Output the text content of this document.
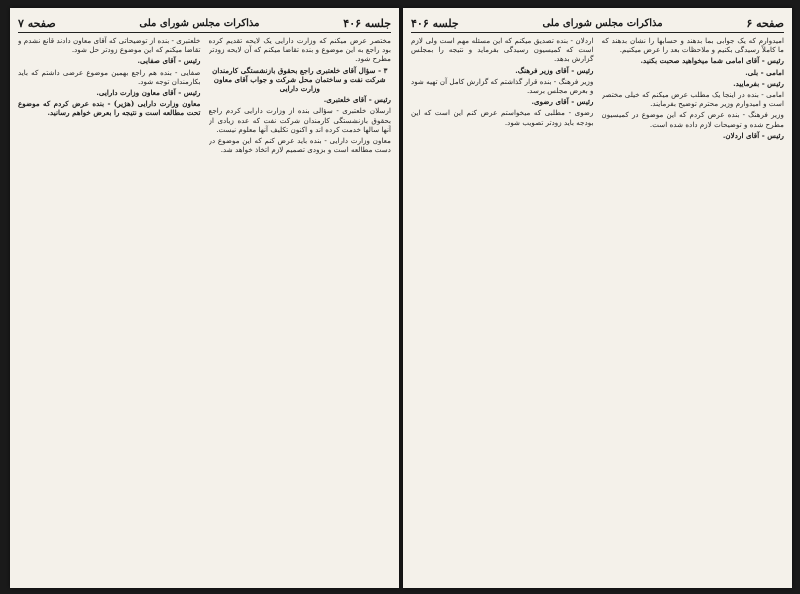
جلسه ۴۰۶
مذاکرات مجلس شورای ملی
صفحه ۷

مختصر عرض میکنم که وزارت دارایی یک لایحه تقدیم کرده بود راجع به این موضوع و بنده تقاضا میکنم که آن لایحه زودتر مطرح شود.

۳ - سؤال آقای خلعتبری راجع بحقوق بازنشستگی کارمندان شرکت نفت و ساختمان محل شرکت و جواب آقای معاون وزارت دارایی

رئیس - آقای خلعتبری.

ارسلان خلعتبری - سؤالی بنده از وزارت دارایی کردم راجع بحقوق بازنشستگی کارمندان شرکت نفت که عده زیادی از آنها سالها خدمت کرده اند و اکنون تکلیف آنها معلوم نیست.

معاون وزارت دارایی - بنده باید عرض کنم که این موضوع در دست مطالعه است و بزودی تصمیم لازم اتخاذ خواهد شد.

خلعتبری - بنده از توضیحاتی که آقای معاون دادند قانع نشدم و تقاضا میکنم که این موضوع زودتر حل شود.

رئیس - آقای صفایی.

صفایی - بنده هم راجع بهمین موضوع عرضی داشتم که باید بکارمندان توجه شود.

رئیس - آقای معاون وزارت دارایی.

معاون وزارت دارایی (هژیر) - بنده عرض کردم که موضوع تحت مطالعه است و نتیجه را بعرض خواهم رسانید.

صفحه ۶
مذاکرات مجلس شورای ملی
جلسه ۴۰۶

امیدوارم که یک جوابی بما بدهند و حسابها را نشان بدهند که ما کاملاً رسیدگی بکنیم و ملاحظات بعد را عرض میکنیم.

رئیس - آقای امامی شما میخواهید صحبت بکنید.

امامی - بلی.

رئیس - بفرمایید.

امامی - بنده در اینجا یک مطلب عرض میکنم که خیلی مختصر است و امیدوارم وزیر محترم توضیح بفرمایند.

وزیر فرهنگ - بنده عرض کردم که این موضوع در کمیسیون مطرح شده و توضیحات لازم داده شده است.

رئیس - آقای اردلان.

اردلان - بنده تصدیق میکنم که این مسئله مهم است ولی لازم است که کمیسیون رسیدگی بفرماید و نتیجه را بمجلس گزارش بدهد.

رئیس - آقای وزیر فرهنگ.

وزیر فرهنگ - بنده قرار گذاشتم که گزارش کامل آن تهیه شود و بعرض مجلس برسد.

رئیس - آقای رضوی.

رضوی - مطلبی که میخواستم عرض کنم این است که این بودجه باید زودتر تصویب شود.
